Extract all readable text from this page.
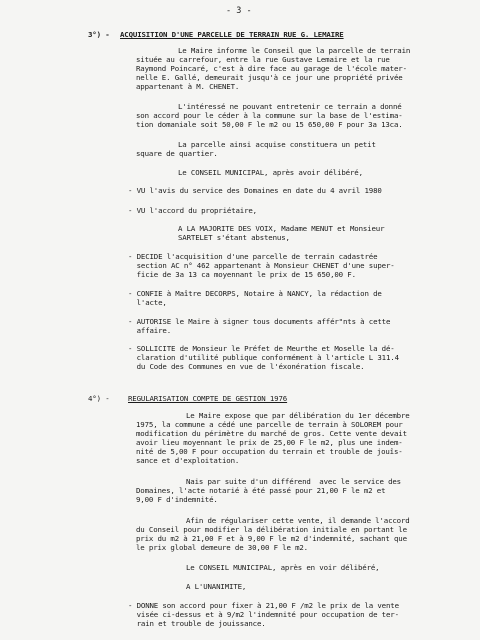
- 3 -
3°) - ACQUISITION D'UNE PARCELLE DE TERRAIN RUE G. LEMAIRE
Le Maire informe le Conseil que la parcelle de terrain
située au carrefour, entre la rue Gustave Lemaire et la rue
Raymond Poincaré, c'est à dire face au garage de l'école mater-
nelle E. Gallé, demeurait jusqu'à ce jour une propriété privée
appartenant à M. CHENET.
L'intéressé ne pouvant entretenir ce terrain a donné
son accord pour le céder à la commune sur la base de l'estima-
tion domaniale soit 50,00 F le m2 ou 15 650,00 F pour 3a 13ca.
La parcelle ainsi acquise constituera un petit
square de quartier.
Le CONSEIL MUNICIPAL, après avoir délibéré,
- VU l'avis du service des Domaines en date du 4 avril 1980
- VU l'accord du propriétaire,
A LA MAJORITE DES VOIX, Madame MENUT et Monsieur
SARTELET s'étant abstenus,
- DECIDE l'acquisition d'une parcelle de terrain cadastrée
section AC n° 462 appartenant à Monsieur CHENET d'une super-
ficie de 3a 13 ca moyennant le prix de 15 650,00 F.
- CONFIE à Maître DECORPS, Notaire à NANCY, la rédaction de
l'acte,
- AUTORISE le Maire à signer tous documents affér"nts à cette
affaire.
- SOLLICITE de Monsieur le Préfet de Meurthe et Moselle la dé-
claration d'utilité publique conformément à l'article L 311.4
du Code des Communes en vue de l'éxonération fiscale.
4°) -	REGULARISATION COMPTE DE GESTION 1976
Le Maire expose que par délibération du 1er décembre
1975, la commune a cédé une parcelle de terrain à SOLOREM pour
modification du périmètre du marché de gros. Cette vente devait
avoir lieu moyennant le prix de 25,00 F le m2, plus une indem-
nité de 5,00 F pour occupation du terrain et trouble de jouîs-
sance et d'exploitation.
Nais par suite d'un différend  avec le service des
Domaines, l'acte notarié à été passé pour 21,00 F le m2 et
9,00 F d'indemnité.
Afin de régulariser cette vente, il demande l'accord
du Conseil pour modifier la délibération initiale en portant le
prix du m2 à 21,00 F et à 9,00 F le m2 d'indemnité, sachant que
le prix global demeure de 30,00 F le m2.
Le CONSEIL MUNICIPAL, après en voir délibéré,
A L'UNANIMITE,
- DONNE son accord pour fixer à 21,00 F /m2 le prix de la vente
visée ci-dessus et à 9/m2 l'indemnité pour occupation de ter-
rain et trouble de jouissance.
